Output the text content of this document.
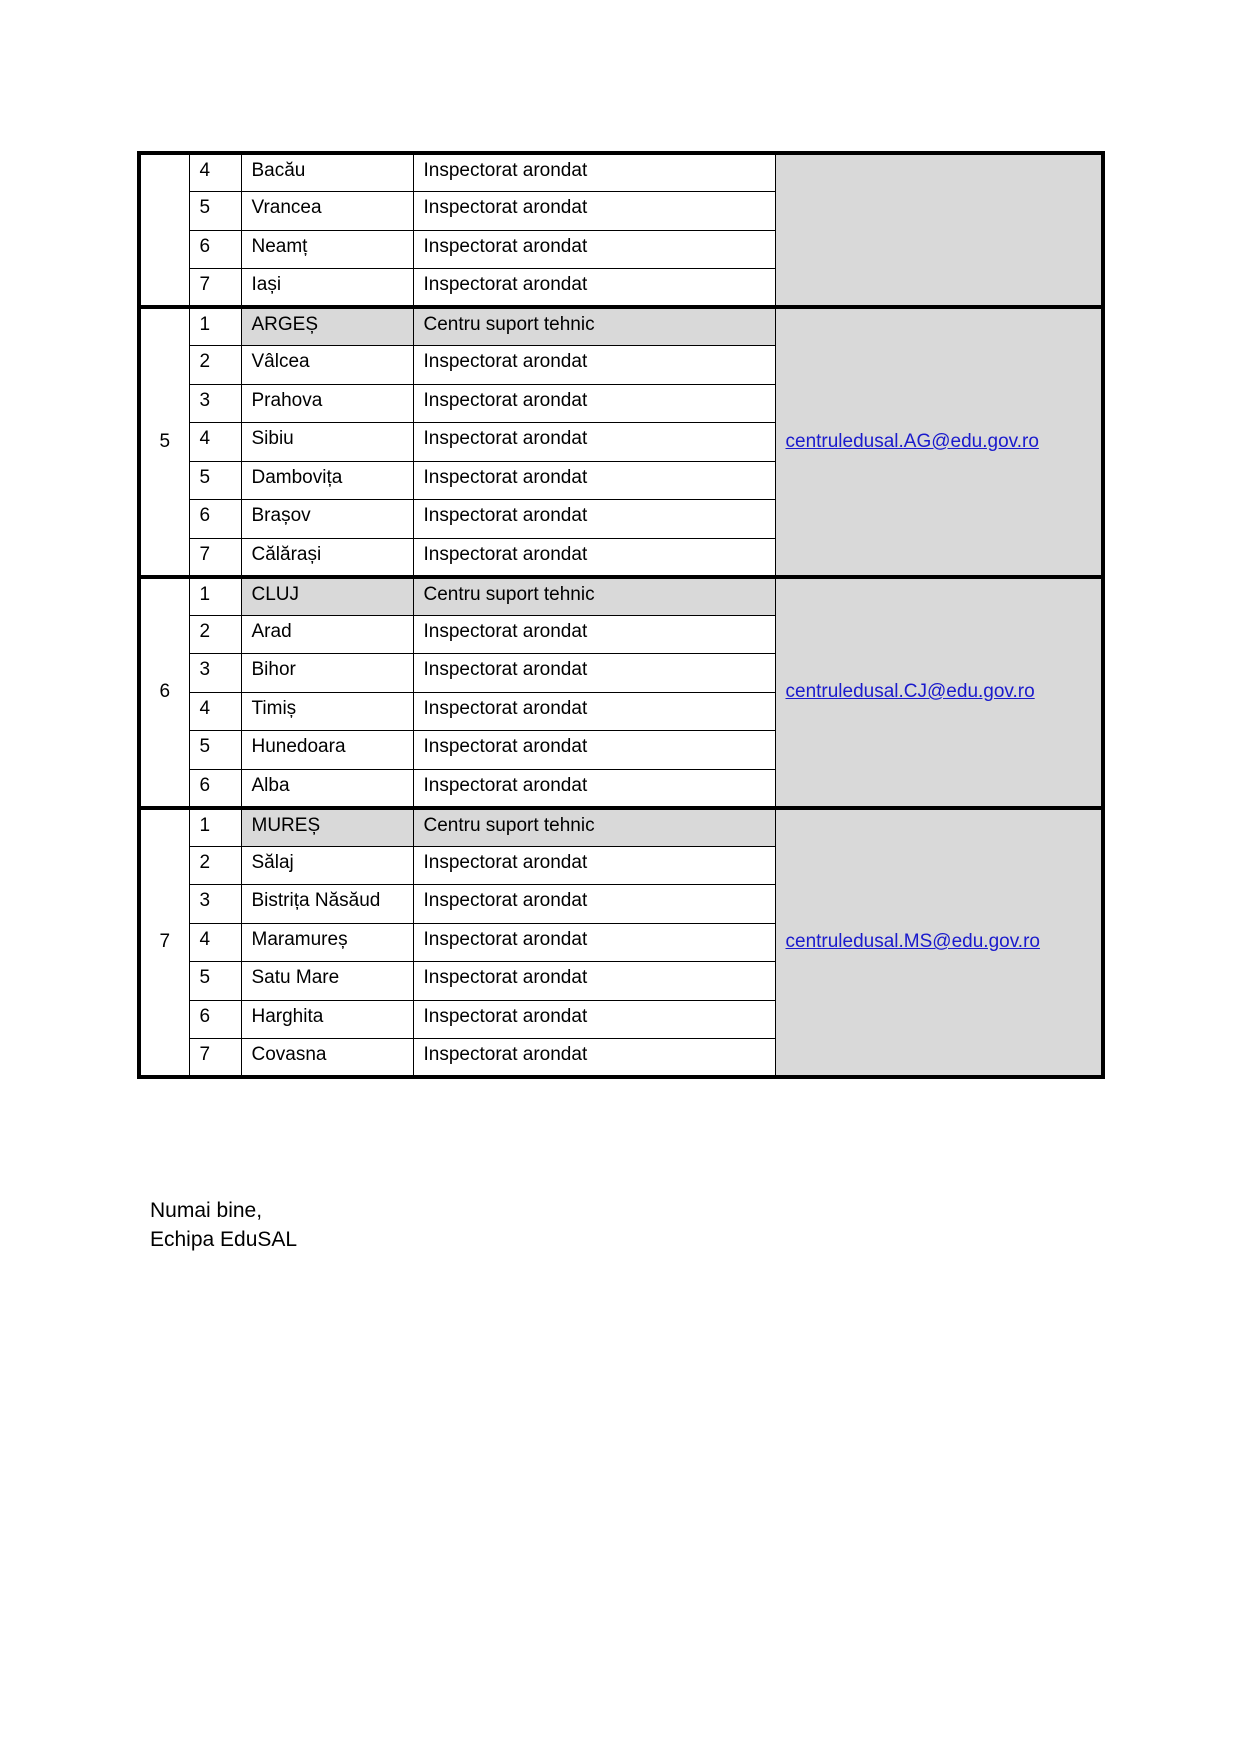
	4	Bacău	Inspectorat arondat	
	5	Vrancea	Inspectorat arondat	
	6	Neamț	Inspectorat arondat	
	7	Iași	Inspectorat arondat	
5	1	ARGEȘ	Centru suport tehnic	centruledusal.AG@edu.gov.ro
	2	Vâlcea	Inspectorat arondat	
	3	Prahova	Inspectorat arondat	
	4	Sibiu	Inspectorat arondat	
	5	Dambovița	Inspectorat arondat	
	6	Brașov	Inspectorat arondat	
	7	Călărași	Inspectorat arondat	
6	1	CLUJ	Centru suport tehnic	centruledusal.CJ@edu.gov.ro
	2	Arad	Inspectorat arondat	
	3	Bihor	Inspectorat arondat	
	4	Timiș	Inspectorat arondat	
	5	Hunedoara	Inspectorat arondat	
	6	Alba	Inspectorat arondat	
7	1	MUREȘ	Centru suport tehnic	centruledusal.MS@edu.gov.ro
	2	Sălaj	Inspectorat arondat	
	3	Bistrița Năsăud	Inspectorat arondat	
	4	Maramureș	Inspectorat arondat	
	5	Satu Mare	Inspectorat arondat	
	6	Harghita	Inspectorat arondat	
	7	Covasna	Inspectorat arondat	
Numai bine,
Echipa EduSAL
